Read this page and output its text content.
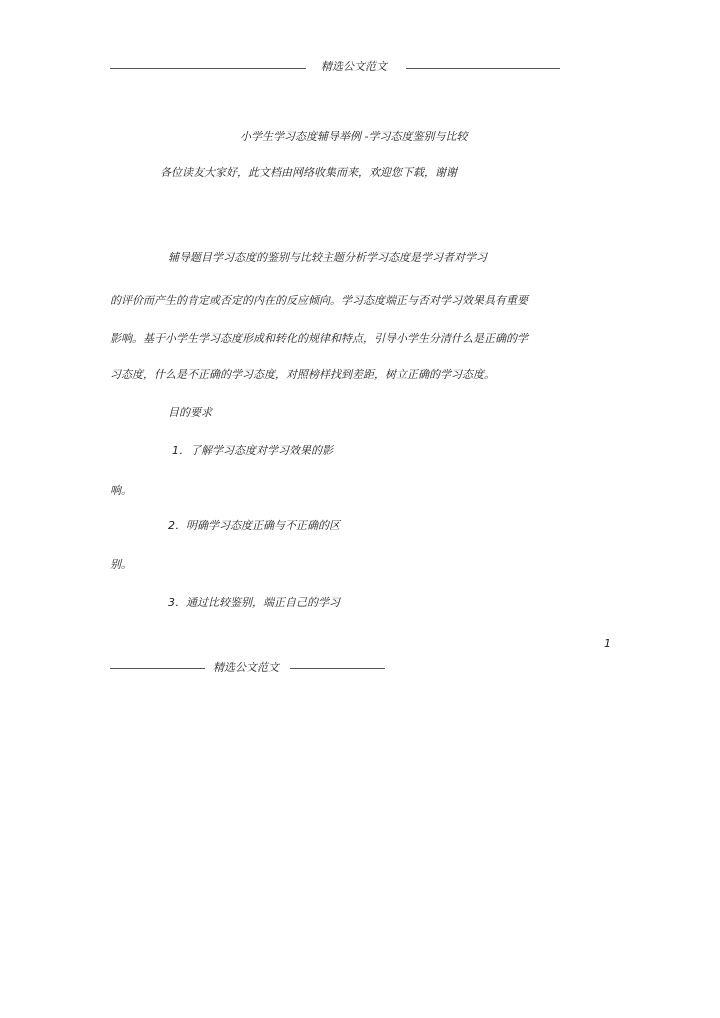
精选公文范文
小学生学习态度辅导举例 -学习态度鉴别与比较
各位读友大家好，此文档由网络收集而来，欢迎您下载，谢谢
辅导题目学习态度的鉴别与比较主题分析学习态度是学习者对学习
的评价而产生的肯定或否定的内在的反应倾向。学习态度端正与否对学习效果具有重要
影响。基于小学生学习态度形成和转化的规律和特点，引导小学生分清什么是正确的学
习态度，什么是不正确的学习态度，对照榜样找到差距，树立正确的学习态度。
目的要求
1．了解学习态度对学习效果的影
响。
2．明确学习态度正确与不正确的区
别。
3．通过比较鉴别，端正自己的学习
1
精选公文范文
